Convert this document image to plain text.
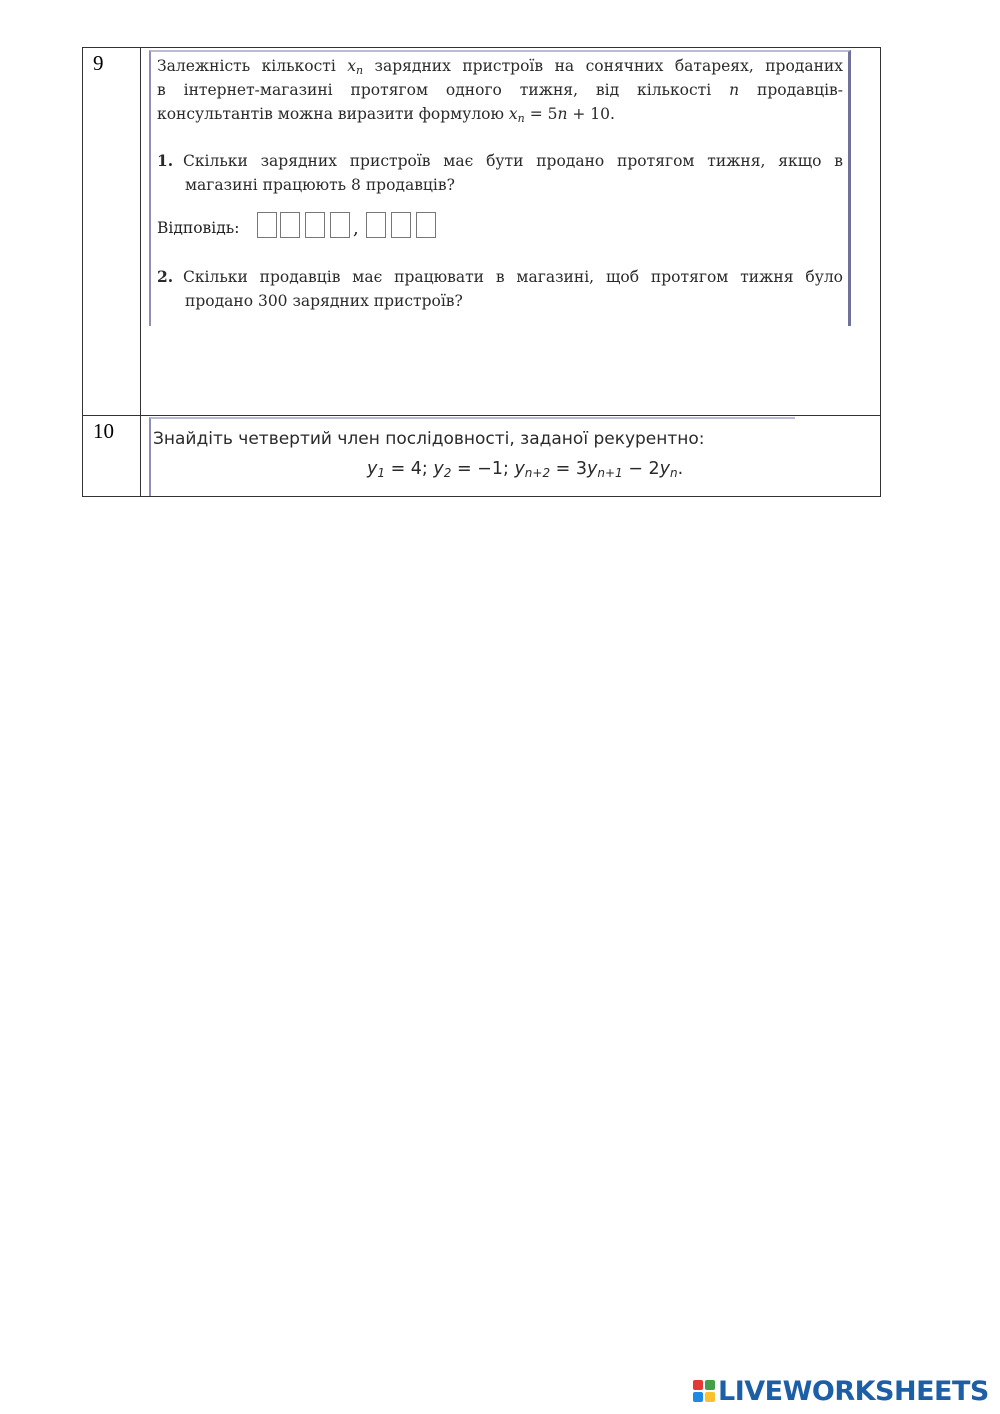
9	Залежність кількості $x_n$ зарядних пристроїв на сонячних батареях, проданих
в інтернет-магазині протягом одного тижня, від кількості n продавців-
консультантів можна виразити формулою $x_n = 5n + 10$.
1. Скільки зарядних пристроїв має бути продано протягом тижня, якщо в
магазині працюють 8 продавців?
Відповідь:	,
2. Скільки продавців має працювати в магазині, щоб протягом тижня було
продано 300 зарядних пристроїв?
10	Знайдіть четвертий член послідовності, заданої рекурентно:
$y_1 = 4$; $y_2 = -1$; $y_{n+2} = 3y_{n+1} - 2y_n$.
LIVEWORKSHEETS
